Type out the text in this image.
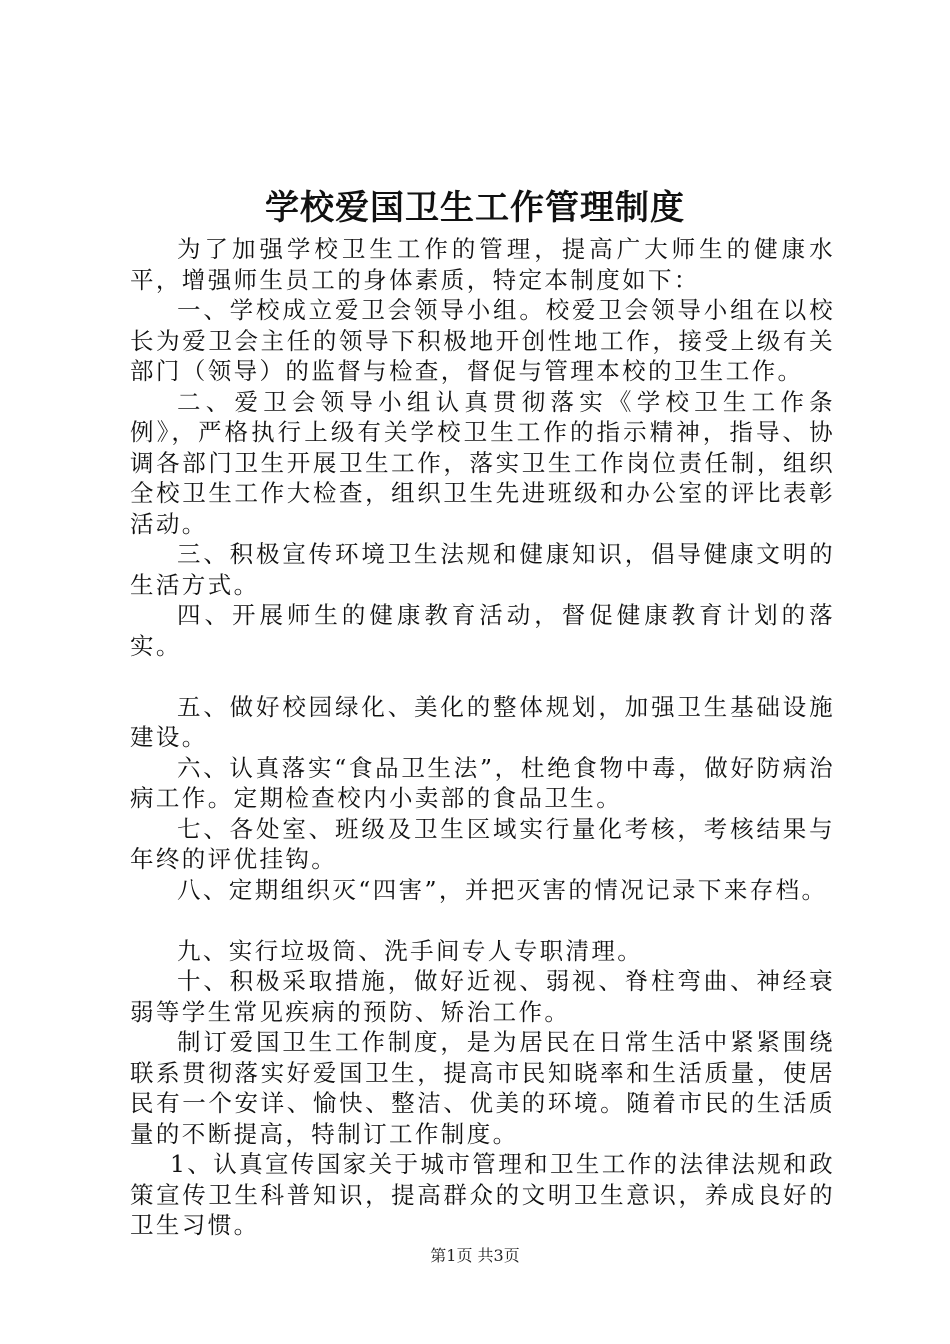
学校爱国卫生工作管理制度

为了加强学校卫生工作的管理，提高广大师生的健康水平，增强师生员工的身体素质，特定本制度如下：

一、学校成立爱卫会领导小组。校爱卫会领导小组在以校长为爱卫会主任的领导下积极地开创性地工作，接受上级有关部门（领导）的监督与检查，督促与管理本校的卫生工作。

二、爱卫会领导小组认真贯彻落实《学校卫生工作条例》，严格执行上级有关学校卫生工作的指示精神，指导、协调各部门卫生开展卫生工作，落实卫生工作岗位责任制，组织全校卫生工作大检查，组织卫生先进班级和办公室的评比表彰活动。

三、积极宣传环境卫生法规和健康知识，倡导健康文明的生活方式。

四、开展师生的健康教育活动，督促健康教育计划的落实。

五、做好校园绿化、美化的整体规划，加强卫生基础设施建设。

六、认真落实“食品卫生法”，杜绝食物中毒，做好防病治病工作。定期检查校内小卖部的食品卫生。

七、各处室、班级及卫生区域实行量化考核，考核结果与年终的评优挂钩。

八、定期组织灭“四害”，并把灭害的情况记录下来存档。

九、实行垃圾筒、洗手间专人专职清理。

十、积极采取措施，做好近视、弱视、脊柱弯曲、神经衰弱等学生常见疾病的预防、矫治工作。

制订爱国卫生工作制度，是为居民在日常生活中紧紧围绕联系贯彻落实好爱国卫生，提高市民知晓率和生活质量，使居民有一个安详、愉快、整洁、优美的环境。随着市民的生活质量的不断提高，特制订工作制度。

1、认真宣传国家关于城市管理和卫生工作的法律法规和政策宣传卫生科普知识，提高群众的文明卫生意识，养成良好的卫生习惯。

第1页 共3页
